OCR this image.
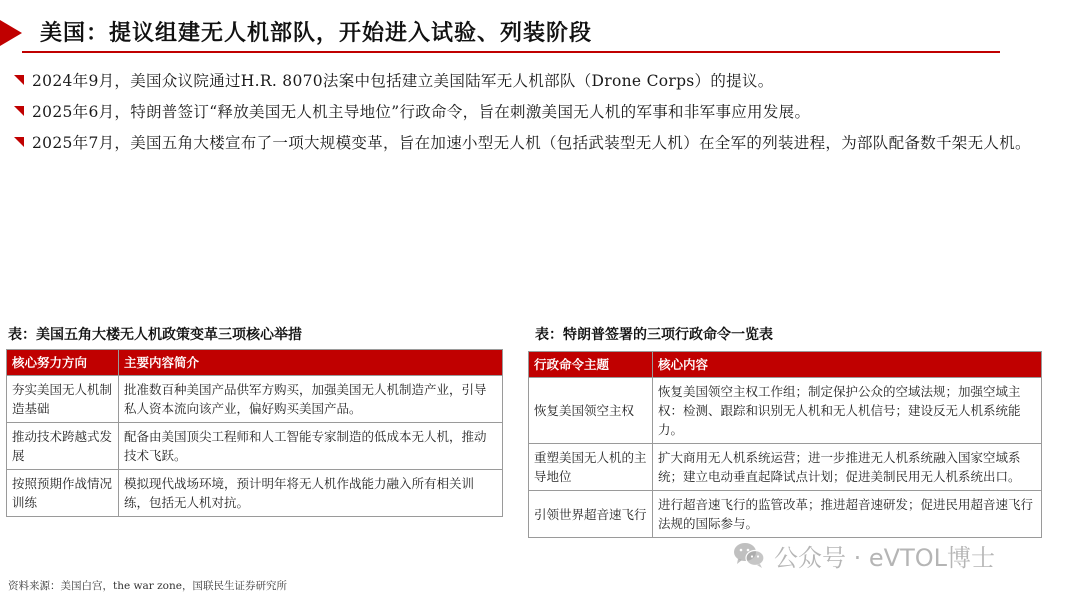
美国：提议组建无人机部队，开始进入试验、列装阶段

2024年9月，美国众议院通过H.R. 8070法案中包括建立美国陆军无人机部队（Drone Corps）的提议。

2025年6月，特朗普签订“释放美国无人机主导地位”行政命令，旨在刺激美国无人机的军事和非军事应用发展。

2025年7月，美国五角大楼宣布了一项大规模变革，旨在加速小型无人机（包括武装型无人机）在全军的列装进程，为部队配备数千架无人机。

表：美国五角大楼无人机政策变革三项核心举措
核心努力方向	主要内容简介
夯实美国无人机制造基础	批准数百种美国产品供军方购买，加强美国无人机制造产业，引导私人资本流向该产业，偏好购买美国产品。
推动技术跨越式发展	配备由美国顶尖工程师和人工智能专家制造的低成本无人机，推动技术飞跃。
按照预期作战情况训练	模拟现代战场环境，预计明年将无人机作战能力融入所有相关训练，包括无人机对抗。
表：特朗普签署的三项行政命令一览表
行政命令主题	核心内容
恢复美国领空主权	恢复美国领空主权工作组；制定保护公众的空域法规；加强空域主权：检测、跟踪和识别无人机和无人机信号；建设反无人机系统能力。
重塑美国无人机的主导地位	扩大商用无人机系统运营；进一步推进无人机系统融入国家空域系统；建立电动垂直起降试点计划；促进美制民用无人机系统出口。
引领世界超音速飞行	进行超音速飞行的监管改革；推进超音速研发；促进民用超音速飞行法规的国际参与。
资料来源：美国白宫，the war zone，国联民生证券研究所
公众号 · eVTOL博士
